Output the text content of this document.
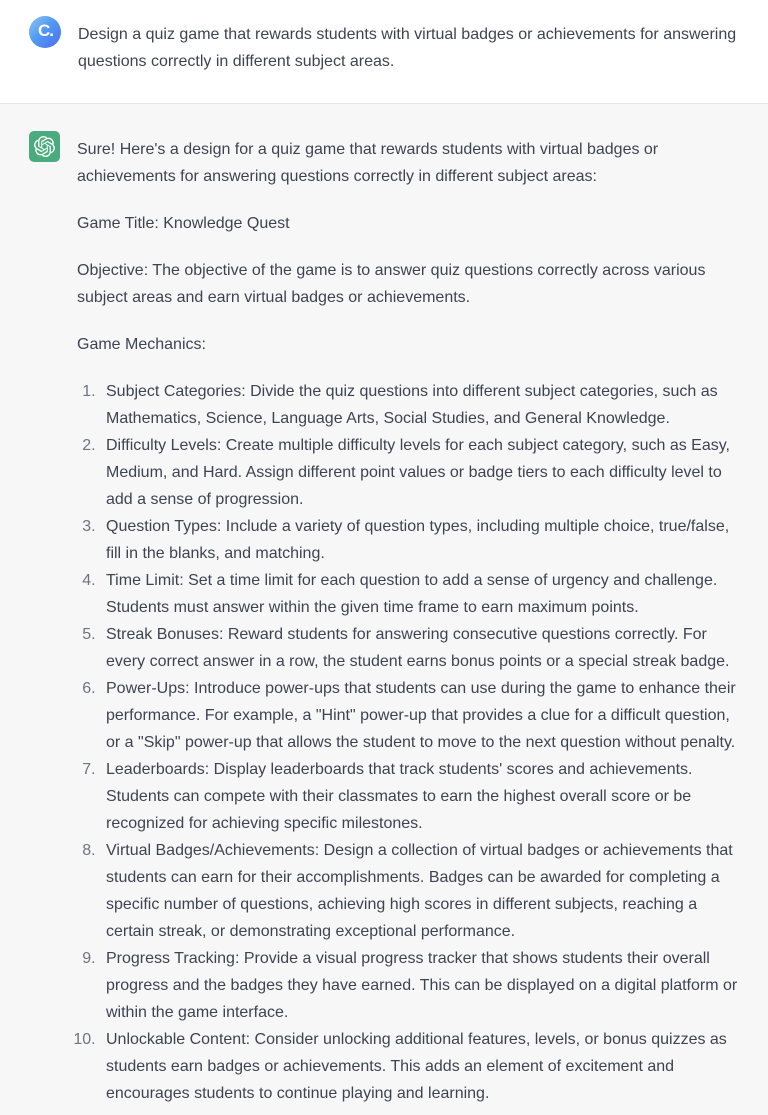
C.	Design a quiz game that rewards students with virtual badges or achievements for answering questions correctly in different subject areas.

Sure! Here's a design for a quiz game that rewards students with virtual badges or achievements for answering questions correctly in different subject areas:

Game Title: Knowledge Quest

Objective: The objective of the game is to answer quiz questions correctly across various subject areas and earn virtual badges or achievements.

Game Mechanics:

1. Subject Categories: Divide the quiz questions into different subject categories, such as Mathematics, Science, Language Arts, Social Studies, and General Knowledge.
2. Difficulty Levels: Create multiple difficulty levels for each subject category, such as Easy, Medium, and Hard. Assign different point values or badge tiers to each difficulty level to add a sense of progression.
3. Question Types: Include a variety of question types, including multiple choice, true/false, fill in the blanks, and matching.
4. Time Limit: Set a time limit for each question to add a sense of urgency and challenge. Students must answer within the given time frame to earn maximum points.
5. Streak Bonuses: Reward students for answering consecutive questions correctly. For every correct answer in a row, the student earns bonus points or a special streak badge.
6. Power-Ups: Introduce power-ups that students can use during the game to enhance their performance. For example, a "Hint" power-up that provides a clue for a difficult question, or a "Skip" power-up that allows the student to move to the next question without penalty.
7. Leaderboards: Display leaderboards that track students' scores and achievements. Students can compete with their classmates to earn the highest overall score or be recognized for achieving specific milestones.
8. Virtual Badges/Achievements: Design a collection of virtual badges or achievements that students can earn for their accomplishments. Badges can be awarded for completing a specific number of questions, achieving high scores in different subjects, reaching a certain streak, or demonstrating exceptional performance.
9. Progress Tracking: Provide a visual progress tracker that shows students their overall progress and the badges they have earned. This can be displayed on a digital platform or within the game interface.
10. Unlockable Content: Consider unlocking additional features, levels, or bonus quizzes as students earn badges or achievements. This adds an element of excitement and encourages students to continue playing and learning.
